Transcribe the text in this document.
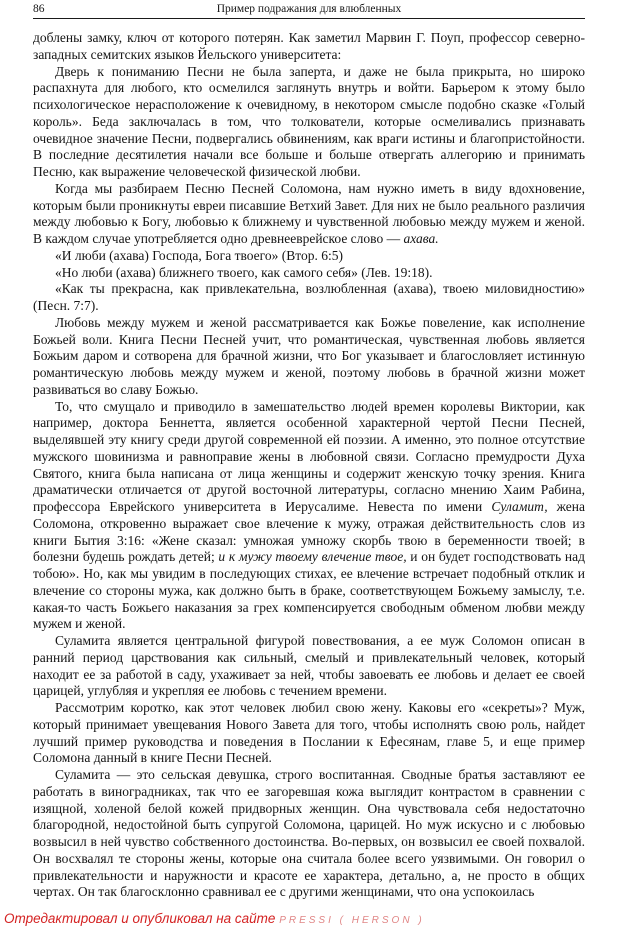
86	Пример подражания для влюбленных

доблены замку, ключ от которого потерян. Как заметил Марвин Г. Поуп, профессор северно-западных семитских языков Йельского университета:

Дверь к пониманию Песни не была заперта, и даже не была прикрыта, но широко распахнута для любого, кто осмелился заглянуть внутрь и войти. Барьером к этому было психологическое нерасположение к очевидному, в некотором смысле подобно сказке «Голый король». Беда заключалась в том, что толкователи, которые осмеливались признавать очевидное значение Песни, подвергались обвинениям, как враги истины и благопристойности. В последние десятилетия начали все больше и больше отвергать аллегорию и принимать Песню, как выражение человеческой физической любви.

Когда мы разбираем Песню Песней Соломона, нам нужно иметь в виду вдохновение, которым были проникнуты евреи писавшие Ветхий Завет. Для них не было реального различия между любовью к Богу, любовью к ближнему и чувственной любовью между мужем и женой. В каждом случае употребляется одно древнееврейское слово — ахава.

«И люби (ахава) Господа, Бога твоего» (Втор. 6:5)

«Но люби (ахава) ближнего твоего, как самого себя» (Лев. 19:18).

«Как ты прекрасна, как привлекательна, возлюбленная (ахава), твоею миловидностию» (Песн. 7:7).

Любовь между мужем и женой рассматривается как Божье повеление, как исполнение Божьей воли. Книга Песни Песней учит, что романтическая, чувственная любовь является Божьим даром и сотворена для брачной жизни, что Бог указывает и благословляет истинную романтическую любовь между мужем и женой, поэтому любовь в брачной жизни может развиваться во славу Божью.

То, что смущало и приводило в замешательство людей времен королевы Виктории, как например, доктора Беннетта, является особенной характерной чертой Песни Песней, выделявшей эту книгу среди другой современной ей поэзии. А именно, это полное отсутствие мужского шовинизма и равноправие жены в любовной связи. Согласно премудрости Духа Святого, книга была написана от лица женщины и содержит женскую точку зрения. Книга драматически отличается от другой восточной литературы, согласно мнению Хаим Рабина, профессора Еврейского университета в Иерусалиме. Невеста по имени Суламит, жена Соломона, откровенно выражает свое влечение к мужу, отражая действительность слов из книги Бытия 3:16: «Жене сказал: умножая умножу скорбь твою в беременности твоей; в болезни будешь рождать детей; и к мужу твоему влечение твое, и он будет господствовать над тобою». Но, как мы увидим в последующих стихах, ее влечение встречает подобный отклик и влечение со стороны мужа, как должно быть в браке, соответствующем Божьему замыслу, т.е. какая-то часть Божьего наказания за грех компенсируется свободным обменом любви между мужем и женой.

Суламита является центральной фигурой повествования, а ее муж Соломон описан в ранний период царствования как сильный, смелый и привлекательный человек, который находит ее за работой в саду, ухаживает за ней, чтобы завоевать ее любовь и делает ее своей царицей, углубляя и укрепляя ее любовь с течением времени.

Рассмотрим коротко, как этот человек любил свою жену. Каковы его «секреты»? Муж, который принимает увещевания Нового Завета для того, чтобы исполнять свою роль, найдет лучший пример руководства и поведения в Послании к Ефесянам, главе 5, и еще пример Соломона данный в книге Песни Песней.

Суламита — это сельская девушка, строго воспитанная. Сводные братья заставляют ее работать в виноградниках, так что ее загоревшая кожа выглядит контрастом в сравнении с изящной, холеной белой кожей придворных женщин. Она чувствовала себя недостаточно благородной, недостойной быть супругой Соломона, царицей. Но муж искусно и с любовью возвысил в ней чувство собственного достоинства. Во-первых, он возвысил ее своей похвалой. Он восхвалял те стороны жены, которые она считала более всего уязвимыми. Он говорил о привлекательности и наружности и красоте ее характера, детально, а, не просто в общих чертах. Он так благосклонно сравнивал ее с другими женщинами, что она успокоилась

Отредактировал и опубликовал на сайте PRESSI ( HERSON )
